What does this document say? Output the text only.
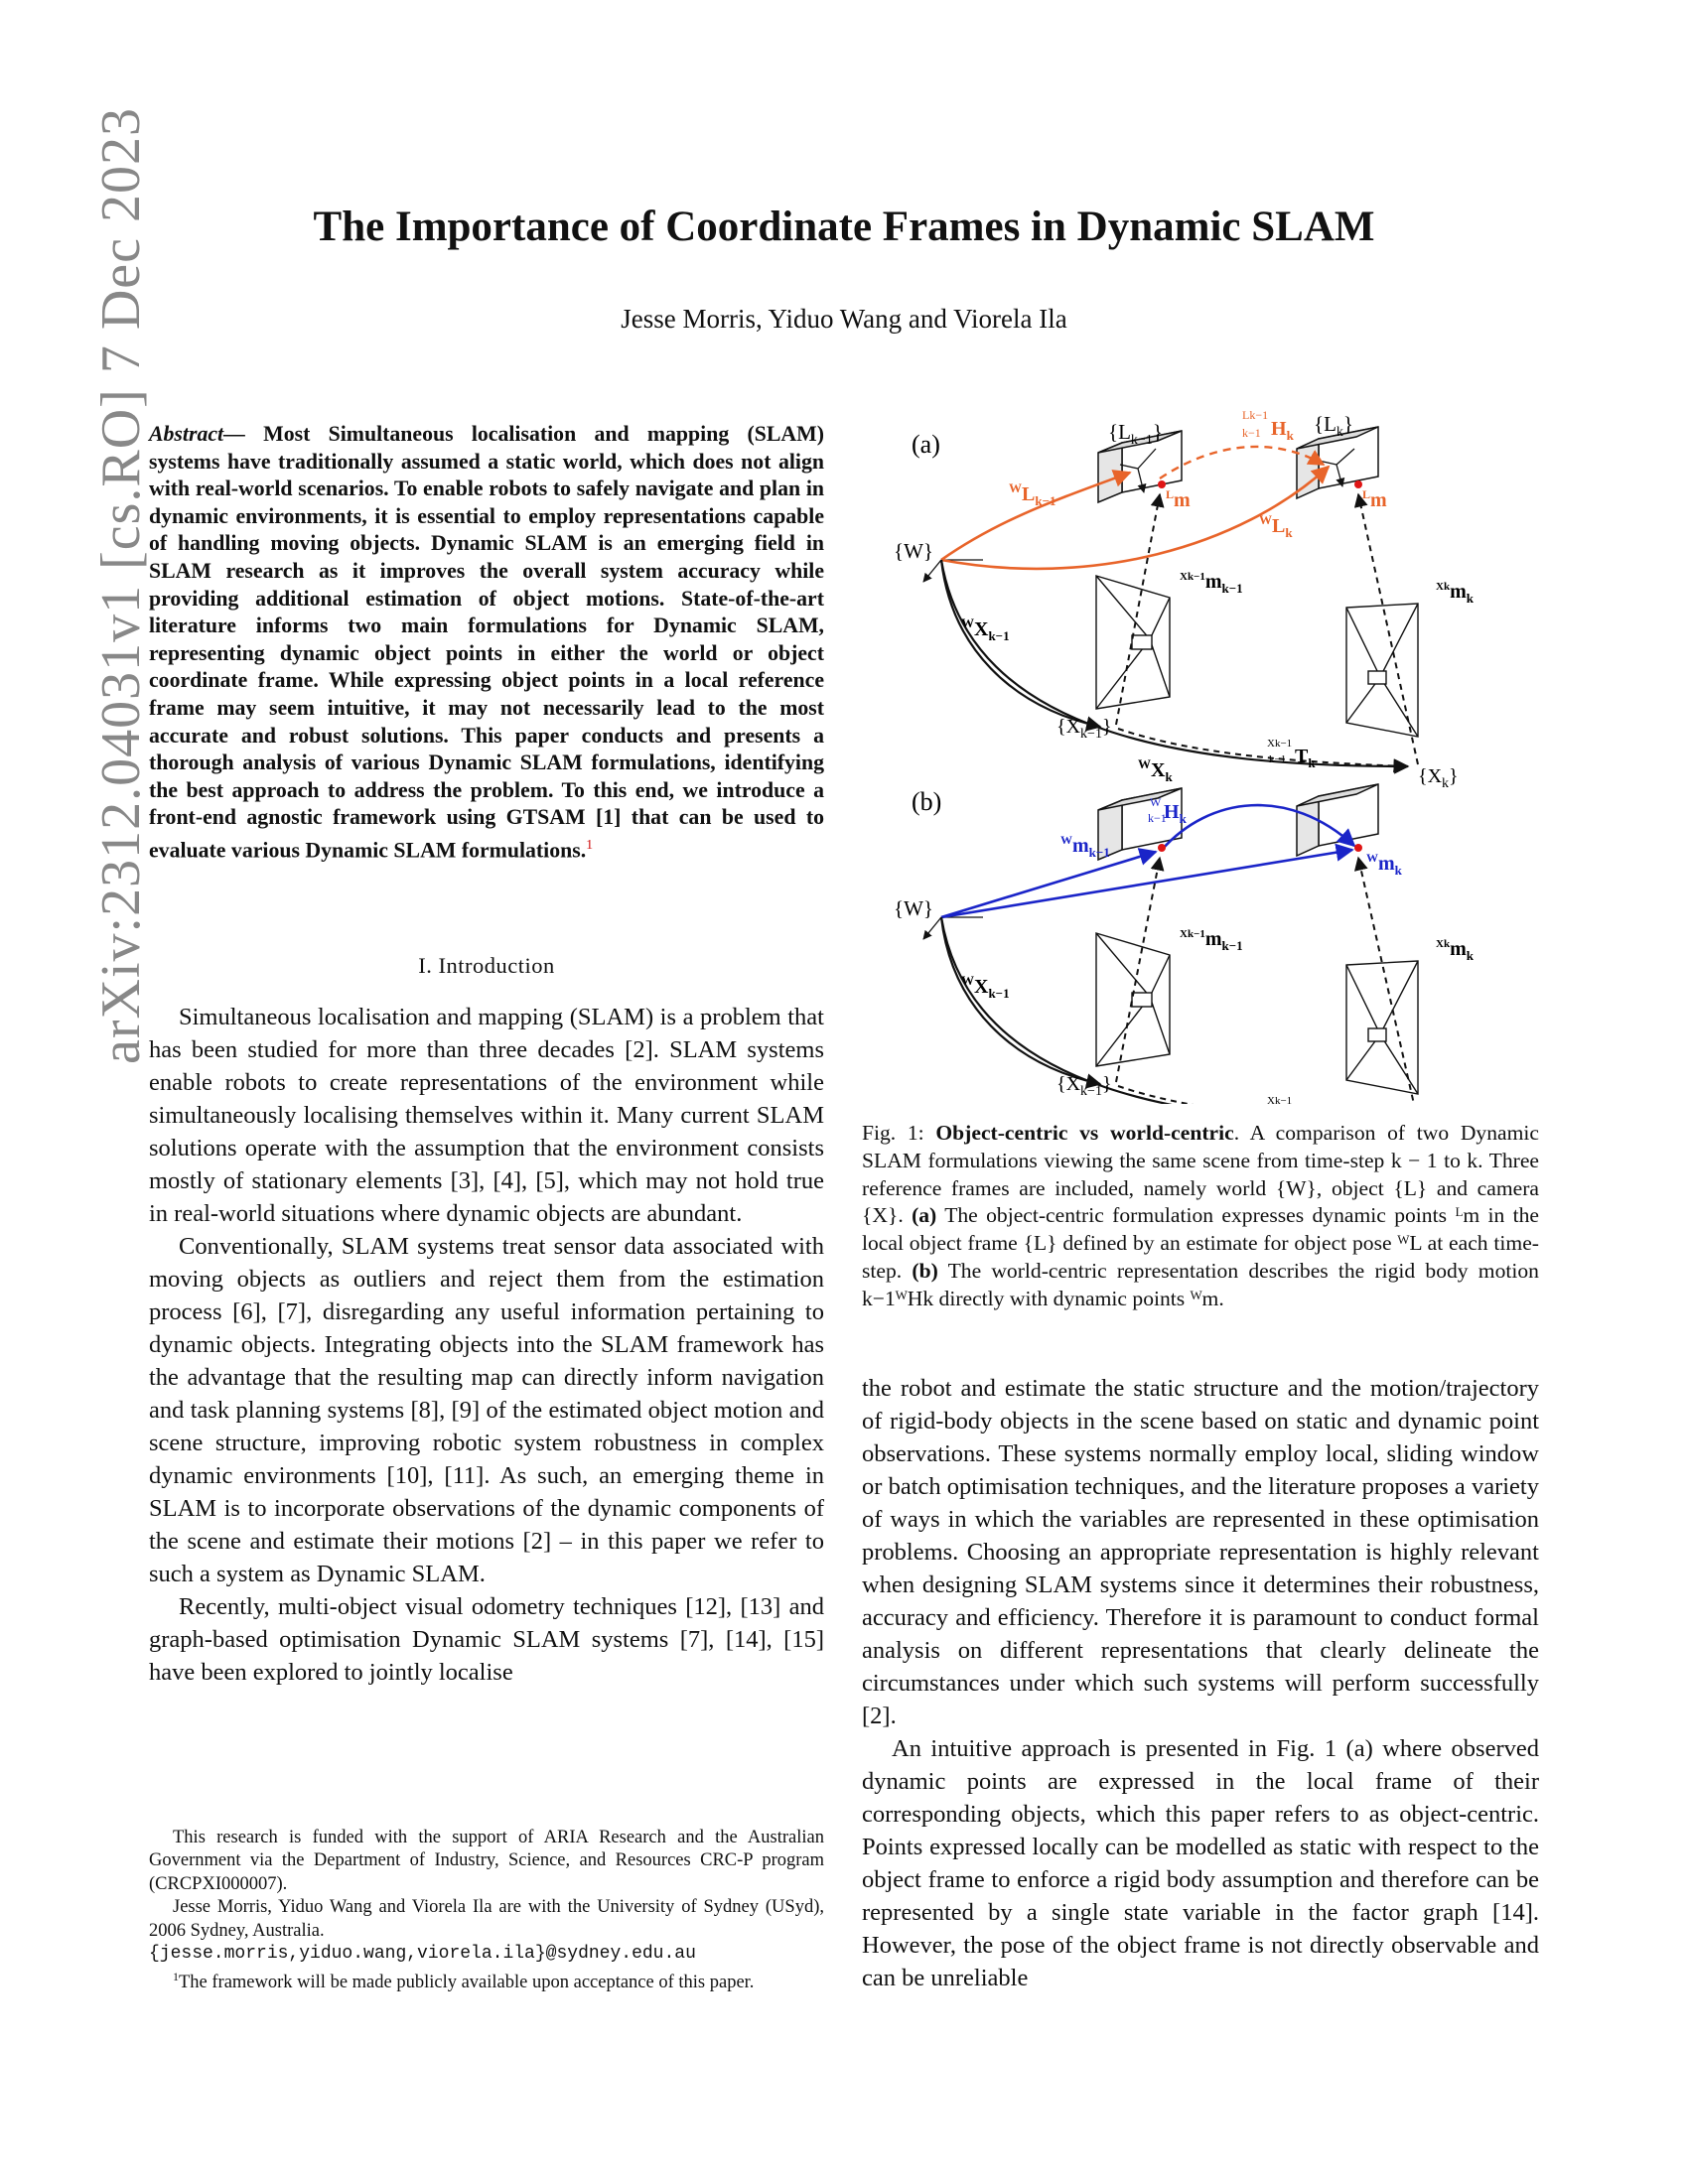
arXiv:2312.04031v1 [cs.RO] 7 Dec 2023	The Importance of Coordinate Frames in Dynamic SLAM
Jesse Morris, Yiduo Wang and Viorela Ila
Abstract— Most Simultaneous localisation and mapping (SLAM) systems have traditionally assumed a static world, which does not align with real-world scenarios. To enable robots to safely navigate and plan in dynamic environments, it is essential to employ representations capable of handling moving objects. Dynamic SLAM is an emerging field in SLAM research as it improves the overall system accuracy while providing additional estimation of object motions. State-of-the-art literature informs two main formulations for Dynamic SLAM, representing dynamic object points in either the world or object coordinate frame. While expressing object points in a local reference frame may seem intuitive, it may not necessarily lead to the most accurate and robust solutions. This paper conducts and presents a thorough analysis of various Dynamic SLAM formulations, identifying the best approach to address the problem. To this end, we introduce a front-end agnostic framework using GTSAM [1] that can be used to evaluate various Dynamic SLAM formulations.$^1$
I. Introduction

Simultaneous localisation and mapping (SLAM) is a problem that has been studied for more than three decades [2]. SLAM systems enable robots to create representations of the environment while simultaneously localising themselves within it. Many current SLAM solutions operate with the assumption that the environment consists mostly of stationary elements [3], [4], [5], which may not hold true in real-world situations where dynamic objects are abundant.

Conventionally, SLAM systems treat sensor data associated with moving objects as outliers and reject them from the estimation process [6], [7], disregarding any useful information pertaining to dynamic objects. Integrating objects into the SLAM framework has the advantage that the resulting map can directly inform navigation and task planning systems [8], [9] of the estimated object motion and scene structure, improving robotic system robustness in complex dynamic environments [10], [11]. As such, an emerging theme in SLAM is to incorporate observations of the dynamic components of the scene and estimate their motions [2] – in this paper we refer to such a system as Dynamic SLAM.

Recently, multi-object visual odometry techniques [12], [13] and graph-based optimisation Dynamic SLAM systems [7], [14], [15] have been explored to jointly localise

This research is funded with the support of ARIA Research and the Australian Government via the Department of Industry, Science, and Resources CRC-P program (CRCPXI000007).

Jesse Morris, Yiduo Wang and Viorela Ila are with the University of Sydney (USyd), 2006 Sydney, Australia.

{jesse.morris,yiduo.wang,viorela.ila}@sydney.edu.au

$^1$The framework will be made publicly available upon acceptance of this paper.

(a)	$\{L_{k-1}\}$	$\{L_k\}$
{W}
$^WL_{k-1}$
$^WL_k$
Lk−1
k−1 $H_k$
$^L$m	$^L$m
$^{Xk-1}m_{k-1}$	$^{Xk}m_k$
$^WX_{k-1}$
$\{X_{k-1}\}$
$^WX_k$
Xk−1
k−1 $T_k$
$\{X_k\}$
(b)
{W}
W
k−1
$H_k$
$^Wm_{k-1}$	$^Wm_k$
$^{Xk-1}m_{k-1}$	$^{Xk}m_k$
$^WX_{k-1}$
$\{X_{k-1}\}$
Xk−1
Fig. 1: Object-centric vs world-centric. A comparison of two Dynamic SLAM formulations viewing the same scene from time-step k − 1 to k. Three reference frames are included, namely world {W}, object {L} and camera {X}. (a) The object-centric formulation expresses dynamic points ᴸm in the local object frame {L} defined by an estimate for object pose ᵂL at each time-step. (b) The world-centric representation describes the rigid body motion k−1ᵂHk directly with dynamic points ᵂm.

the robot and estimate the static structure and the motion/trajectory of rigid-body objects in the scene based on static and dynamic point observations. These systems normally employ local, sliding window or batch optimisation techniques, and the literature proposes a variety of ways in which the variables are represented in these optimisation problems. Choosing an appropriate representation is highly relevant when designing SLAM systems since it determines their robustness, accuracy and efficiency. Therefore it is paramount to conduct formal analysis on different representations that clearly delineate the circumstances under which such systems will perform successfully [2].

An intuitive approach is presented in Fig. 1 (a) where observed dynamic points are expressed in the local frame of their corresponding objects, which this paper refers to as object-centric. Points expressed locally can be modelled as static with respect to the object frame to enforce a rigid body assumption and therefore can be represented by a single state variable in the factor graph [14]. However, the pose of the object frame is not directly observable and can be unreliable
